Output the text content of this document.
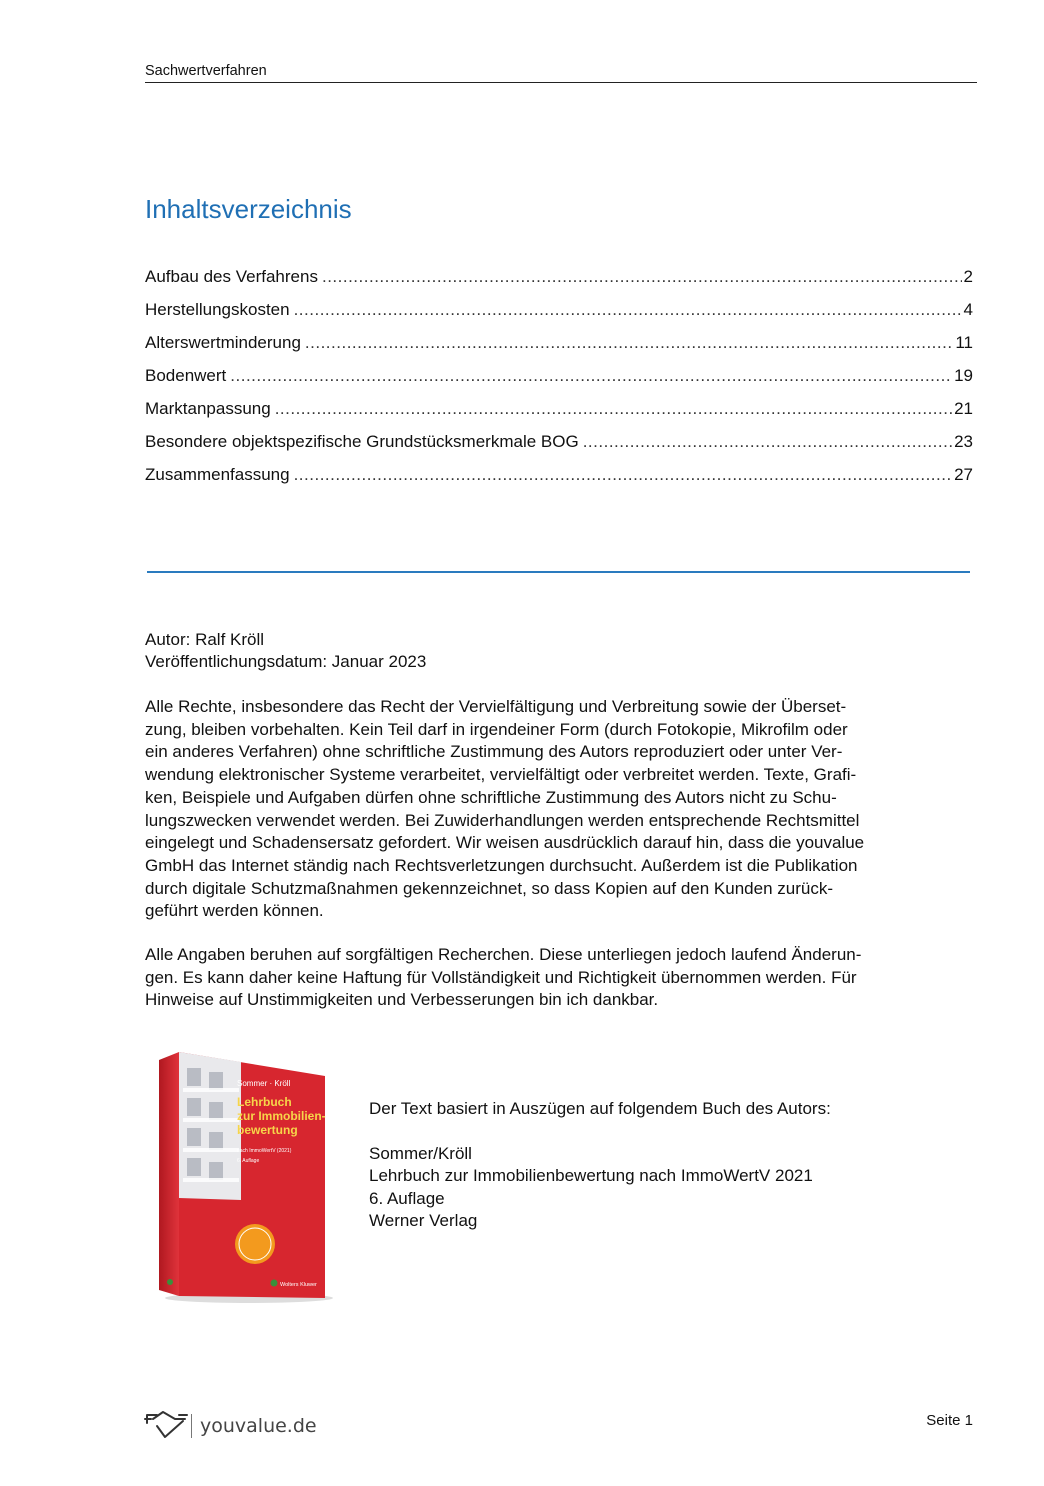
Sachwertverfahren
Inhaltsverzeichnis
Aufbau des Verfahrens .....	2
Herstellungskosten .....	4
Alterswertminderung .....	11
Bodenwert .....	19
Marktanpassung .....	21
Besondere objektspezifische Grundstücksmerkmale BOG .....	23
Zusammenfassung .....	27
Autor: Ralf Kröll
Veröffentlichungsdatum: Januar 2023
Alle Rechte, insbesondere das Recht der Vervielfältigung und Verbreitung sowie der Überset-
zung, bleiben vorbehalten. Kein Teil darf in irgendeiner Form (durch Fotokopie, Mikrofilm oder
ein anderes Verfahren) ohne schriftliche Zustimmung des Autors reproduziert oder unter Ver-
wendung elektronischer Systeme verarbeitet, vervielfältigt oder verbreitet werden. Texte, Grafi-
ken, Beispiele und Aufgaben dürfen ohne schriftliche Zustimmung des Autors nicht zu Schu-
lungszwecken verwendet werden. Bei Zuwiderhandlungen werden entsprechende Rechtsmittel
eingelegt und Schadensersatz gefordert. Wir weisen ausdrücklich darauf hin, dass die youvalue
GmbH das Internet ständig nach Rechtsverletzungen durchsucht. Außerdem ist die Publikation
durch digitale Schutzmaßnahmen gekennzeichnet, so dass Kopien auf den Kunden zurück-
geführt werden können.
Alle Angaben beruhen auf sorgfältigen Recherchen. Diese unterliegen jedoch laufend Änderun-
gen. Es kann daher keine Haftung für Vollständigkeit und Richtigkeit übernommen werden. Für
Hinweise auf Unstimmigkeiten und Verbesserungen bin ich dankbar.
Sommer · Kröll
Lehrbuch
zur Immobilien-
bewertung
nach ImmoWertV (2021)
6. Auflage
Wolters Kluwer
Der Text basiert in Auszügen auf folgendem Buch des Autors:
Sommer/Kröll
Lehrbuch zur Immobilienbewertung nach ImmoWertV 2021
6. Auflage
Werner Verlag
youvalue.de	Seite 1
